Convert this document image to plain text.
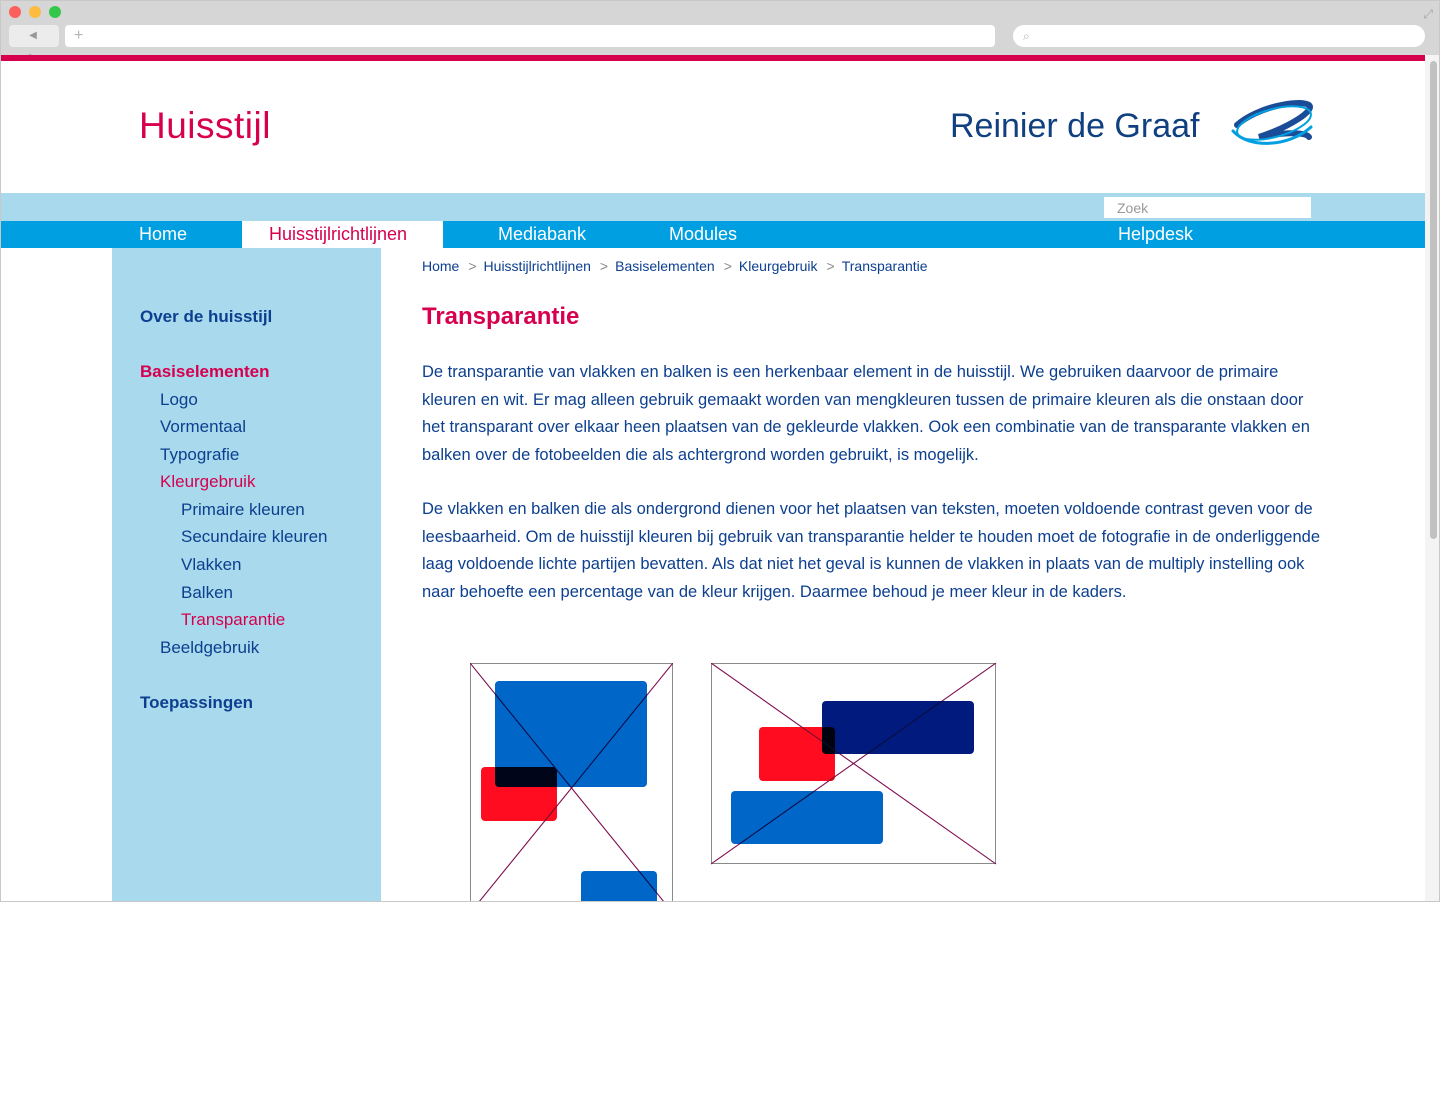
◀	+	⌕
⤢
Huisstijl	Reinier de Graaf
Zoek
Home	Huisstijlrichtlijnen	Mediabank	Modules	Helpdesk
Over de huisstijl
Basiselementen
Logo
Vormentaal
Typografie
Kleurgebruik
Primaire kleuren
Secundaire kleuren
Vlakken
Balken
Transparantie
Beeldgebruik
Toepassingen
Home > Huisstijlrichtlijnen > Basiselementen > Kleurgebruik > Transparantie
Transparantie

De transparantie van vlakken en balken is een herkenbaar element in de huisstijl. We gebruiken daarvoor de primaire kleuren en wit. Er mag alleen gebruik gemaakt worden van mengkleuren tussen de primaire kleuren als die onstaan door het transparant over elkaar heen plaatsen van de gekleurde vlakken. Ook een combinatie van de transparante vlakken en balken over de fotobeelden die als achtergrond worden gebruikt, is mogelijk.

De vlakken en balken die als ondergrond dienen voor het plaatsen van teksten, moeten voldoende contrast geven voor de leesbaarheid. Om de huisstijl kleuren bij gebruik van transparantie helder te houden moet de fotografie in de onderliggende laag voldoende lichte partijen bevatten. Als dat niet het geval is kunnen de vlakken in plaats van de multiply instelling ook naar behoefte een percentage van de kleur krijgen. Daarmee behoud je meer kleur in de kaders.
